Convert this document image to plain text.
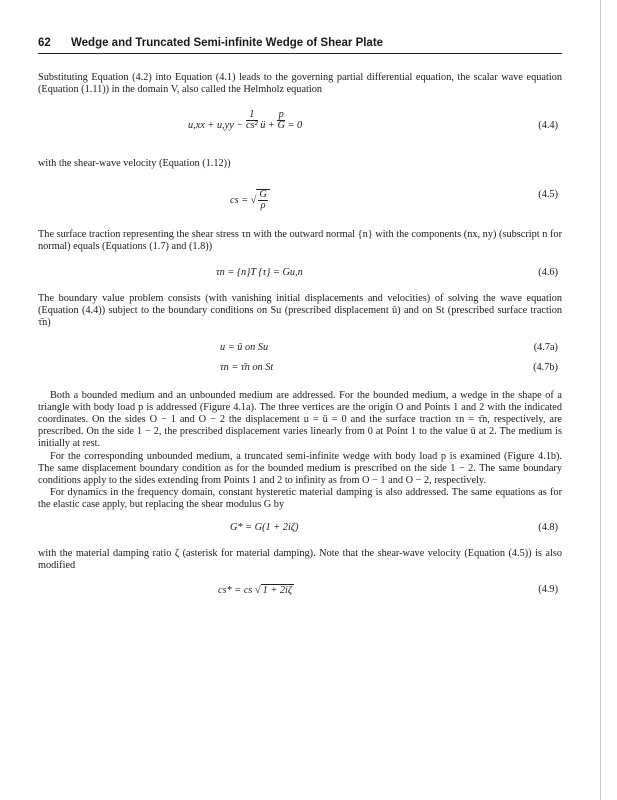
62 Wedge and Truncated Semi-infinite Wedge of Shear Plate

Substituting Equation (4.2) into Equation (4.1) leads to the governing partial differential equation, the scalar wave equation (Equation (1.11)) in the domain V, also called the Helmholz equation

$u,xx + u,yy - \frac{1}{\text{cs²}}$ ü + $\frac{p}{G} = 0$	(4.4)

with the shear-wave velocity (Equation (1.12))

cs = √ $\frac{G}{\rho}$	(4.5)

The surface traction representing the shear stress τn with the outward normal {n} with the components (nx, ny) (subscript n for normal) equals (Equations (1.7) and (1.8))

τn = {n}T {τ} = Gu,n	(4.6)

The boundary value problem consists (with vanishing initial displacements and velocities) of solving the wave equation (Equation (4.4)) subject to the boundary conditions on Su (prescribed displacement ū) and on St (prescribed surface traction τ̄n)

u = ū on Su	(4.7a)
τn = τ̄n on St	(4.7b)

Both a bounded medium and an unbounded medium are addressed. For the bounded medium, a wedge in the shape of a triangle with body load p is addressed (Figure 4.1a). The three vertices are the origin O and Points 1 and 2 with the indicated coordinates. On the sides O − 1 and O − 2 the displacement u = ū = 0 and the surface traction τn = τ̄n, respectively, are prescribed. On the side 1 − 2, the prescribed displacement varies linearly from 0 at Point 1 to the value ū at 2. The medium is initially at rest.

For the corresponding unbounded medium, a truncated semi-infinite wedge with body load p is examined (Figure 4.1b). The same displacement boundary condition as for the bounded medium is prescribed on the side 1 − 2. The same boundary conditions apply to the sides extending from Points 1 and 2 to infinity as from O − 1 and O − 2, respectively.

For dynamics in the frequency domain, constant hysteretic material damping is also addressed. The same equations as for the elastic case apply, but replacing the shear modulus G by

G* = G(1 + 2iζ)	(4.8)

with the material damping ratio ζ (asterisk for material damping). Note that the shear-wave velocity (Equation (4.5)) is also modified

cs* = cs √ 1 + 2iζ	(4.9)
